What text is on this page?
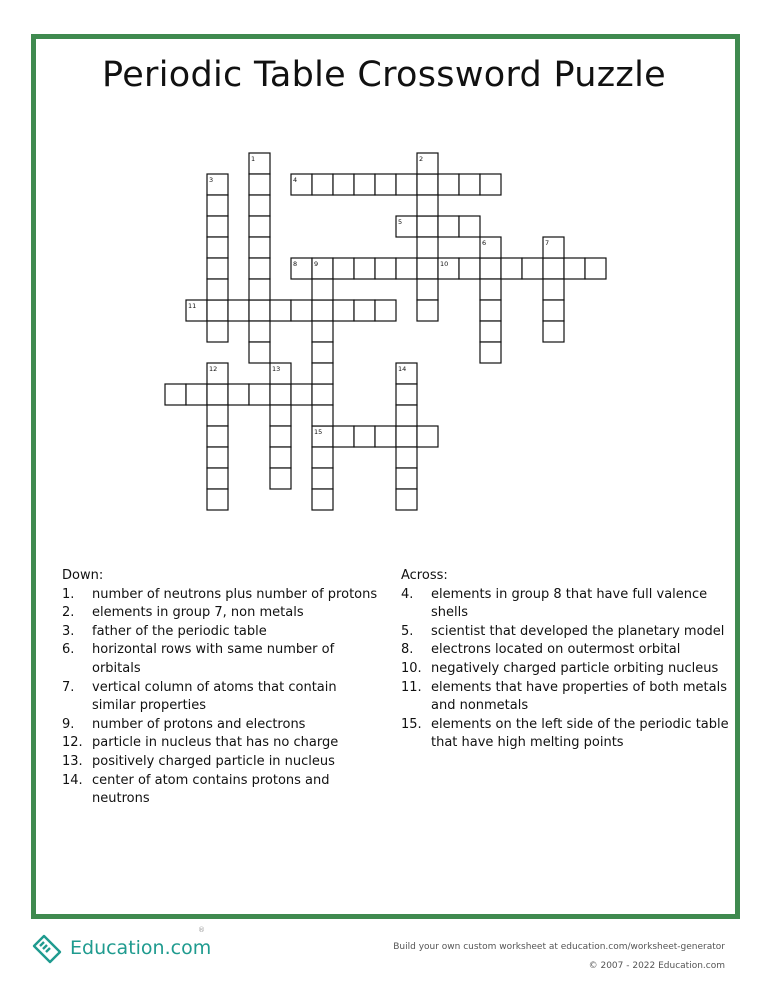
Periodic Table Crossword Puzzle
4
5
8	9	10
11
15
1	2
3
6	7
12	13	14
Down:
1.	number of neutrons plus number of protons
2.	elements in group 7, non metals
3.	father of the periodic table
6.	horizontal rows with same number of orbitals
7.	vertical column of atoms that contain similar properties
9.	number of protons and electrons
12. particle in nucleus that has no charge
13. positively charged particle in nucleus
14. center of atom contains protons and neutrons
Across:
4.	elements in group 8 that have full valence shells
5.	scientist that developed the planetary model
8.	electrons located on outermost orbital
10. negatively charged particle orbiting nucleus
11. elements that have properties of both metals and nonmetals
15. elements on the left side of the periodic table that have high melting points
Education.com
®
Build your own custom worksheet at education.com/worksheet-generator
© 2007 - 2022 Education.com
